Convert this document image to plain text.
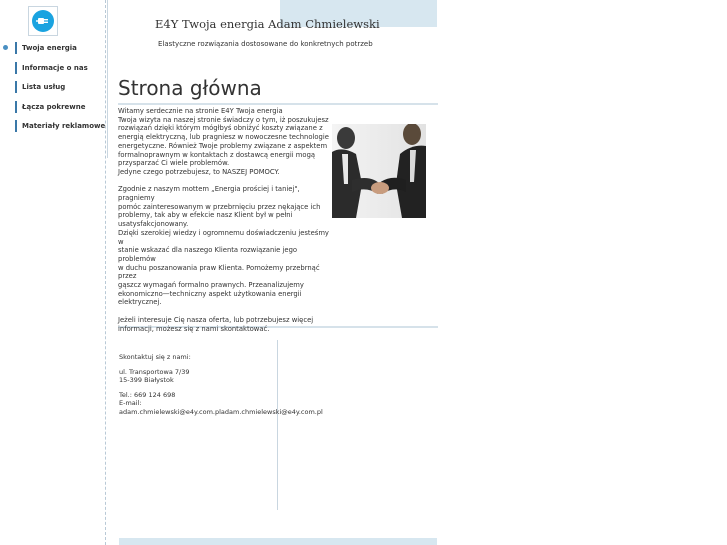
Twoja energia
Informacje o nas
Lista usług
Łącza pokrewne
Materiały reklamowe
E4Y Twoja energia Adam Chmielewski
Elastyczne rozwiązania dostosowane do konkretnych potrzeb
Strona główna

Witamy serdecznie na stronie E4Y Twoja energia
Twoja wizyta na naszej stronie świadczy o tym, iż poszukujesz
rozwiązań dzięki którym mógłbyś obniżyć koszty związane z
energią elektryczną, lub pragniesz w nowoczesne technologie
energetyczne. Również Twoje problemy związane z aspektem
formalnoprawnym w kontaktach z dostawcą energii mogą
przysparzać Ci wiele problemów.
Jedyne czego potrzebujesz, to NASZEJ POMOCY.

Zgodnie z naszym mottem „Energia prościej i taniej", pragniemy
pomóc zainteresowanym w przebrnięciu przez nękające ich
problemy, tak aby w efekcie nasz Klient był w pełni
usatysfakcjonowany.
Dzięki szerokiej wiedzy i ogromnemu doświadczeniu jesteśmy w
stanie wskazać dla naszego Klienta rozwiązanie jego problemów
w duchu poszanowania praw Klienta. Pomożemy przebrnąć przez
gąszcz wymagań formalno prawnych. Przeanalizujemy
ekonomiczno—techniczny aspekt użytkowania energii
elektrycznej.

Jeżeli interesuje Cię nasza oferta, lub potrzebujesz więcej
informacji, możesz się z nami skontaktować.

Skontaktuj się z nami:
ul. Transportowa 7/39
15-399 Białystok
Tel.: 669 124 698
E-mail:
adam.chmielewski@e4y.com.pladam.chmielewski@e4y.com.pl
